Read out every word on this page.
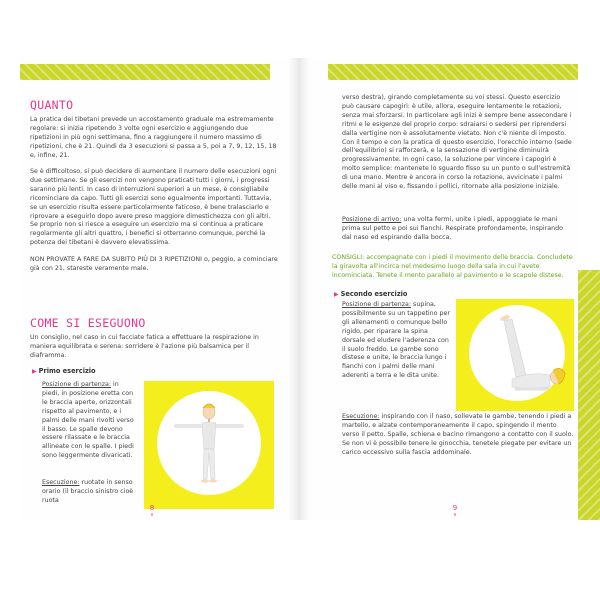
QUANTO

La pratica dei tibetani prevede un accostamento graduale ma estremamente regolare: si inizia ripetendo 3 volte ogni esercizio e aggiungendo due ripetizioni in più ogni settimana, fino a raggiungere il numero massimo di ripetizioni, che è 21. Quindi da 3 esecuzioni si passa a 5, poi a 7, 9, 12, 15, 18 e, infine, 21.

Se è difficoltoso, si può decidere di aumentare il numero delle esecuzioni ogni due settimane. Se gli esercizi non vengono praticati tutti i giorni, i progressi saranno più lenti. In caso di interruzioni superiori a un mese, è consigliabile ricominciare da capo. Tutti gli esercizi sono egualmente importanti. Tuttavia, se un esercizio risulta essere particolarmente faticoso, è bene tralasciarlo e riprovare a eseguirlo dopo avere preso maggiore dimestichezza con gli altri. Se proprio non si riesce a eseguire un esercizio ma si continua a praticare regolarmente gli altri quattro, i benefici si otterranno comunque, perché la potenza dei tibetani è davvero elevatissima.

NON PROVATE A FARE DA SUBITO PIÙ DI 3 RIPETIZIONI o, peggio, a cominciare già con 21, stareste veramente male.

COME SI ESEGUONO

Un consiglio, nel caso in cui facciate fatica a effettuare la respirazione in maniera equilibrata e serena: sorridere è l'azione più balsamica per il diaframma.

▶ Primo esercizio

Posizione di partenza: in piedi, in posizione eretta con le braccia aperte, orizzontali rispetto al pavimento, e i palmi delle mani rivolti verso il basso. Le spalle devono essere rilassate e le braccia allineate con le spalle. I piedi sono leggermente divaricati.

Esecuzione: ruotate in senso orario (il braccio sinistro cioè ruota

8
∨

verso destra), girando completamente su voi stessi. Questo esercizio può causare capogiri: è utile, allora, eseguire lentamente le rotazioni, senza mai sforzarsi. In particolare agli inizi è sempre bene assecondare i ritmi e le esigenze del proprio corpo: sdraiarsi o sedersi per riprendersi dalla vertigine non è assolutamente vietato. Non c'è niente di imposto. Con il tempo e con la pratica di questo esercizio, l'orecchio interno (sede dell'equilibrio) si rafforzerà, e la sensazione di vertigine diminuirà progressivamente. In ogni caso, la soluzione per vincere i capogiri è molto semplice: mantenete lo sguardo fisso su un punto o sull'estremità di una mano. Mentre è ancora in corso la rotazione, avvicinate i palmi delle mani al viso e, fissando i pollici, ritornate alla posizione iniziale.

Posizione di arrivo: una volta fermi, unite i piedi, appoggiate le mani prima sul petto e poi sui fianchi. Respirate profondamente, inspirando dal naso ed espirando dalla bocca.

CONSIGLI: accompagnate con i piedi il movimento delle braccia. Concludete la giravolta all'incirca nel medesimo luogo della sala in cui l'avete incominciata. Tenete il mento parallelo al pavimento e le scapole distese.

▶ Secondo esercizio

Posizione di partenza: supina, possibilmente su un tappetino per gli allenamenti o comunque bello rigido, per riparare la spina dorsale ed eludere l'aderenza con il suolo freddo. Le gambe sono distese e unite, le braccia lungo i fianchi con i palmi delle mani aderenti a terra e le dita unite.

Esecuzione: inspirando con il naso, sollevate le gambe, tenendo i piedi a martello, e alzate contemporaneamente il capo, spingendo il mento verso il petto. Spalle, schiena e bacino rimangono a contatto con il suolo. Se non vi è possibile tenere le ginocchia, tenetele piegate per evitare un carico eccessivo sulla fascia addominale.

9
∨
